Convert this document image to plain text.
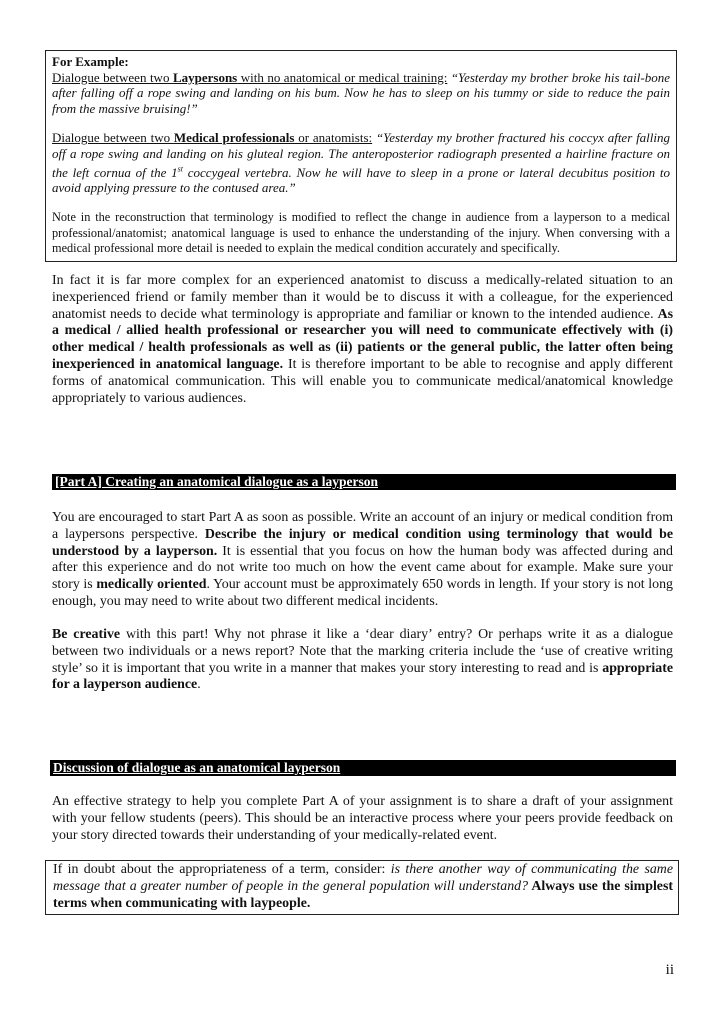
For Example:

Dialogue between two Laypersons with no anatomical or medical training: “Yesterday my brother broke his tail-bone after falling off a rope swing and landing on his bum. Now he has to sleep on his tummy or side to reduce the pain from the massive bruising!”

Dialogue between two Medical professionals or anatomists: “Yesterday my brother fractured his coccyx after falling off a rope swing and landing on his gluteal region. The anteroposterior radiograph presented a hairline fracture on the left cornua of the 1st coccygeal vertebra. Now he will have to sleep in a prone or lateral decubitus position to avoid applying pressure to the contused area.”

Note in the reconstruction that terminology is modified to reflect the change in audience from a layperson to a medical professional/anatomist; anatomical language is used to enhance the understanding of the injury. When conversing with a medical professional more detail is needed to explain the medical condition accurately and specifically.

In fact it is far more complex for an experienced anatomist to discuss a medically-related situation to an inexperienced friend or family member than it would be to discuss it with a colleague, for the experienced anatomist needs to decide what terminology is appropriate and familiar or known to the intended audience. As a medical / allied health professional or researcher you will need to communicate effectively with (i) other medical / health professionals as well as (ii) patients or the general public, the latter often being inexperienced in anatomical language. It is therefore important to be able to recognise and apply different forms of anatomical communication. This will enable you to communicate medical/anatomical knowledge appropriately to various audiences.

[Part A] Creating an anatomical dialogue as a layperson

You are encouraged to start Part A as soon as possible. Write an account of an injury or medical condition from a laypersons perspective. Describe the injury or medical condition using terminology that would be understood by a layperson. It is essential that you focus on how the human body was affected during and after this experience and do not write too much on how the event came about for example. Make sure your story is medically oriented. Your account must be approximately 650 words in length. If your story is not long enough, you may need to write about two different medical incidents.

Be creative with this part! Why not phrase it like a ‘dear diary’ entry? Or perhaps write it as a dialogue between two individuals or a news report? Note that the marking criteria include the ‘use of creative writing style’ so it is important that you write in a manner that makes your story interesting to read and is appropriate for a layperson audience.

Discussion of dialogue as an anatomical layperson

An effective strategy to help you complete Part A of your assignment is to share a draft of your assignment with your fellow students (peers). This should be an interactive process where your peers provide feedback on your story directed towards their understanding of your medically-related event.

If in doubt about the appropriateness of a term, consider: is there another way of communicating the same message that a greater number of people in the general population will understand? Always use the simplest terms when communicating with laypeople.

ii
